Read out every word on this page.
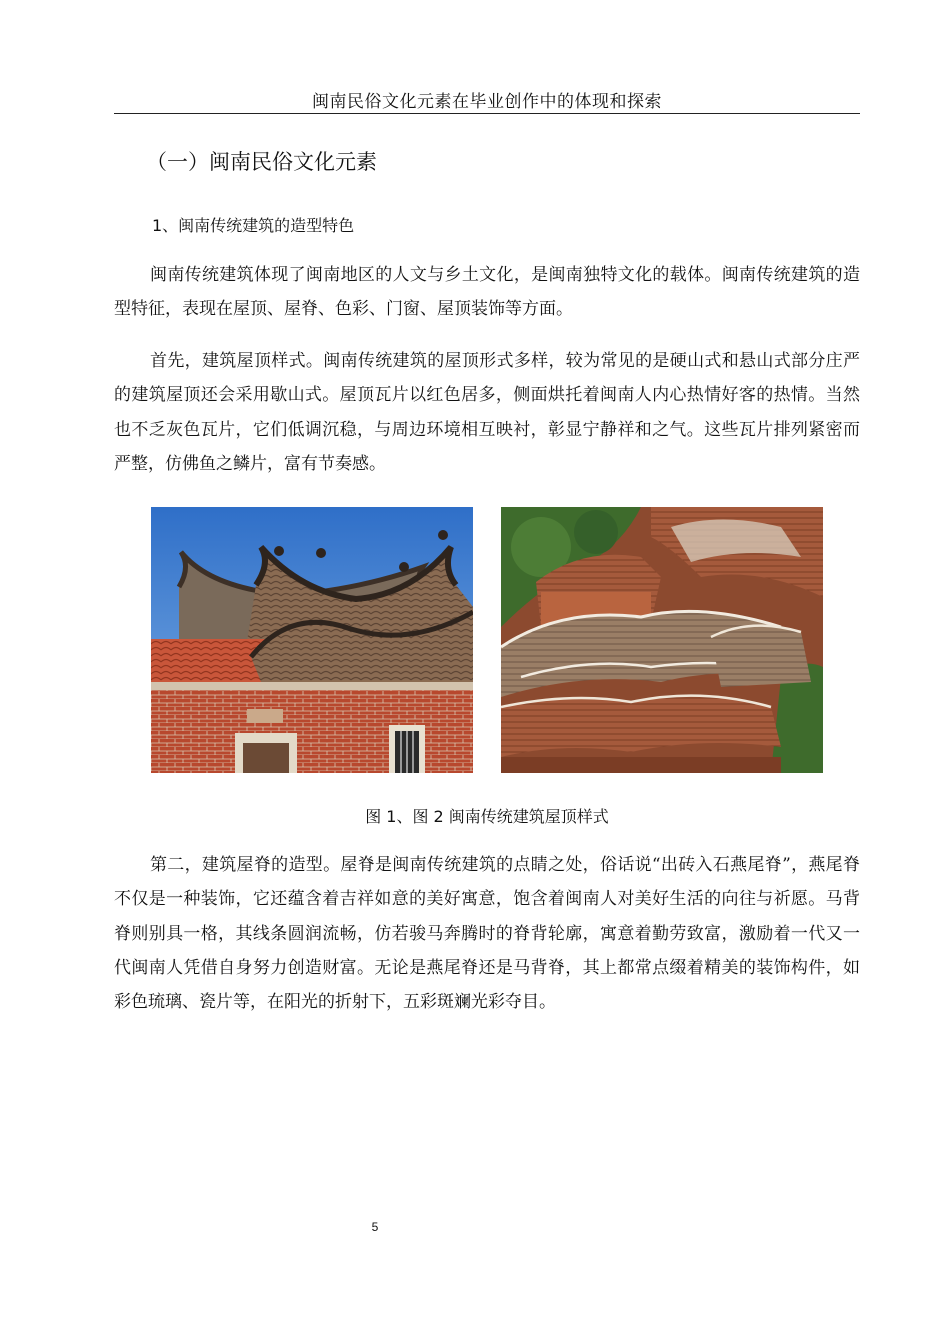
闽南民俗文化元素在毕业创作中的体现和探索
（一）闽南民俗文化元素
1、闽南传统建筑的造型特色

闽南传统建筑体现了闽南地区的人文与乡土文化，是闽南独特文化的载体。闽南传统建筑的造型特征，表现在屋顶、屋脊、色彩、门窗、屋顶装饰等方面。

首先，建筑屋顶样式。闽南传统建筑的屋顶形式多样，较为常见的是硬山式和悬山式部分庄严的建筑屋顶还会采用歇山式。屋顶瓦片以红色居多，侧面烘托着闽南人内心热情好客的热情。当然也不乏灰色瓦片，它们低调沉稳，与周边环境相互映衬，彰显宁静祥和之气。这些瓦片排列紧密而严整，仿佛鱼之鳞片，富有节奏感。

图 1、图 2 闽南传统建筑屋顶样式

第二，建筑屋脊的造型。屋脊是闽南传统建筑的点睛之处，俗话说“出砖入石燕尾脊”，燕尾脊不仅是一种装饰，它还蕴含着吉祥如意的美好寓意，饱含着闽南人对美好生活的向往与祈愿。马背脊则别具一格，其线条圆润流畅，仿若骏马奔腾时的脊背轮廓，寓意着勤劳致富，激励着一代又一代闽南人凭借自身努力创造财富。无论是燕尾脊还是马背脊，其上都常点缀着精美的装饰构件，如彩色琉璃、瓷片等，在阳光的折射下，五彩斑斓光彩夺目。

5
